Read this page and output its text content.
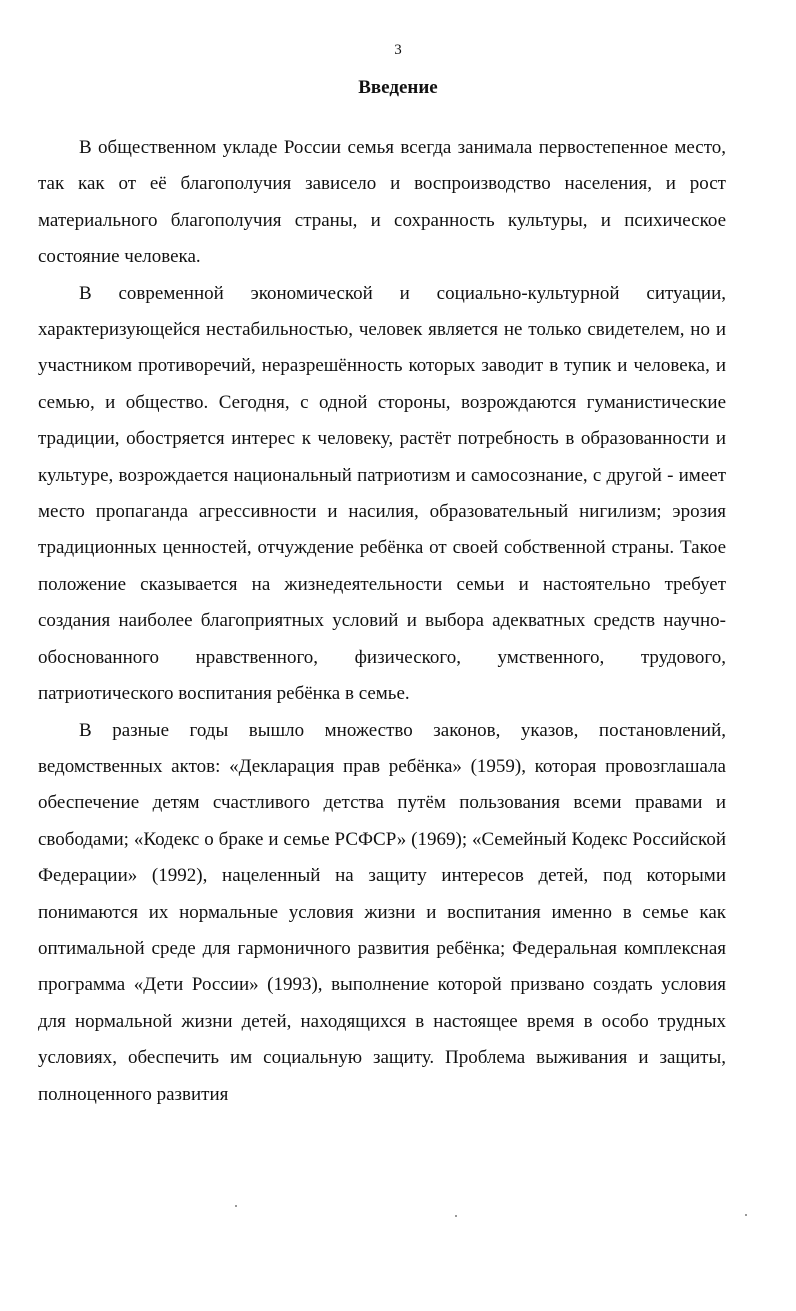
3
Введение

В общественном укладе России семья всегда занимала первостепенное место, так как от её благополучия зависело и воспроизводство населения, и рост материального благополучия страны, и сохранность культуры, и психическое состояние человека.

В современной экономической и социально-культурной ситуации, характеризующейся нестабильностью, человек является не только свидетелем, но и участником противоречий, неразрешённость которых заводит в тупик и человека, и семью, и общество. Сегодня, с одной стороны, возрождаются гуманистические традиции, обостряется интерес к человеку, растёт потребность в образованности и культуре, возрождается национальный патриотизм и самосознание, с другой - имеет место пропаганда агрессивности и насилия, образовательный нигилизм; эрозия традиционных ценностей, отчуждение ребёнка от своей собственной страны. Такое положение сказывается на жизнедеятельности семьи и настоятельно требует создания наиболее благоприятных условий и выбора адекватных средств научно-обоснованного нравственного, физического, умственного, трудового, патриотического воспитания ребёнка в семье.

В разные годы вышло множество законов, указов, постановлений, ведомственных актов: «Декларация прав ребёнка» (1959), которая провозглашала обеспечение детям счастливого детства путём пользования всеми правами и свободами; «Кодекс о браке и семье РСФСР» (1969); «Семейный Кодекс Российской Федерации» (1992), нацеленный на защиту интересов детей, под которыми понимаются их нормальные условия жизни и воспитания именно в семье как оптимальной среде для гармоничного развития ребёнка; Федеральная комплексная программа «Дети России» (1993), выполнение которой призвано создать условия для нормальной жизни детей, находящихся в настоящее время в особо трудных условиях, обеспечить им социальную защиту. Проблема выживания и защиты, полноценного развития
